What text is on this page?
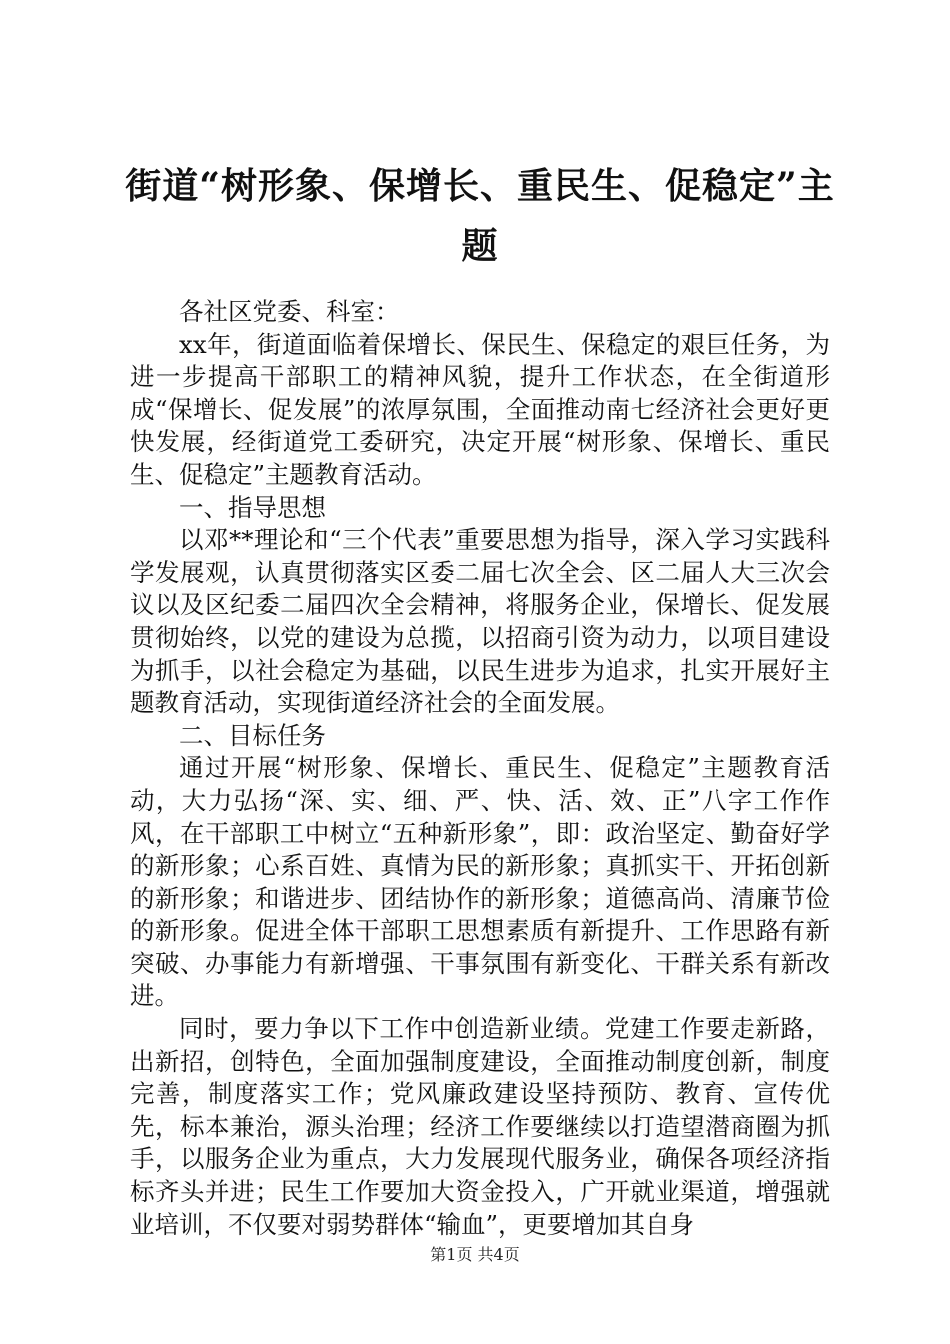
街道“树形象、保增长、重民生、促稳定”主题

各社区党委、科室：

xx年，街道面临着保增长、保民生、保稳定的艰巨任务，为进一步提高干部职工的精神风貌，提升工作状态，在全街道形成“保增长、促发展”的浓厚氛围，全面推动南七经济社会更好更快发展，经街道党工委研究，决定开展“树形象、保增长、重民生、促稳定”主题教育活动。

一、指导思想

以邓**理论和“三个代表”重要思想为指导，深入学习实践科学发展观，认真贯彻落实区委二届七次全会、区二届人大三次会议以及区纪委二届四次全会精神，将服务企业，保增长、促发展贯彻始终，以党的建设为总揽，以招商引资为动力，以项目建设为抓手，以社会稳定为基础，以民生进步为追求，扎实开展好主题教育活动，实现街道经济社会的全面发展。

二、目标任务

通过开展“树形象、保增长、重民生、促稳定”主题教育活动，大力弘扬“深、实、细、严、快、活、效、正”八字工作作风，在干部职工中树立“五种新形象”，即：政治坚定、勤奋好学的新形象；心系百姓、真情为民的新形象；真抓实干、开拓创新的新形象；和谐进步、团结协作的新形象；道德高尚、清廉节俭的新形象。促进全体干部职工思想素质有新提升、工作思路有新突破、办事能力有新增强、干事氛围有新变化、干群关系有新改进。

同时，要力争以下工作中创造新业绩。党建工作要走新路，出新招，创特色，全面加强制度建设，全面推动制度创新，制度完善，制度落实工作；党风廉政建设坚持预防、教育、宣传优先，标本兼治，源头治理；经济工作要继续以打造望潜商圈为抓手，以服务企业为重点，大力发展现代服务业，确保各项经济指标齐头并进；民生工作要加大资金投入，广开就业渠道，增强就业培训，不仅要对弱势群体“输血”，更要增加其自身

第1页 共4页
